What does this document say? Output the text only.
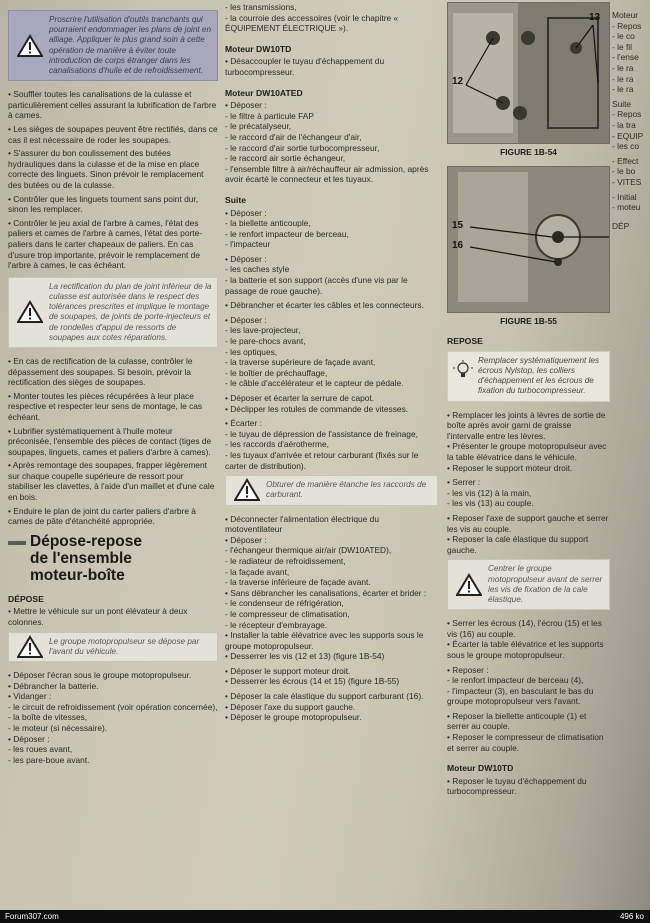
Proscrire l'utilisation d'outils tranchants qui pourraient endommager les plans de joint en alliage. Appliquer le plus grand soin à cette opération de manière à éviter toute introduction de corps étranger dans les canalisations d'huile et de refroidissement.
• Souffler toutes les canalisations de la culasse et particulièrement celles assurant la lubrification de l'arbre à cames.
• Les sièges de soupapes peuvent être rectifiés, dans ce cas il est nécessaire de roder les soupapes.
• S'assurer du bon coulissement des butées hydrauliques dans la culasse et de la mise en place correcte des linguets. Sinon prévoir le remplacement des butées ou de la culasse.
• Contrôler que les linguets tournent sans point dur, sinon les remplacer.
• Contrôler le jeu axial de l'arbre à cames, l'état des paliers et cames de l'arbre à cames, l'état des porte-paliers dans le carter chapeaux de paliers. En cas d'usure trop importante, prévoir le remplacement de l'arbre à cames, le cas échéant.
La rectification du plan de joint inférieur de la culasse est autorisée dans le respect des tolérances prescrites et implique le montage de soupapes, de joints de porte-injecteurs et de rondelles d'appui de ressorts de soupapes aux cotes réparations.
• En cas de rectification de la culasse, contrôler le dépassement des soupapes. Si besoin, prévoir la rectification des sièges de soupapes.
• Monter toutes les pièces récupérées à leur place respective et respecter leur sens de montage, le cas échéant.
• Lubrifier systématiquement à l'huile moteur préconisée, l'ensemble des pièces de contact (tiges de soupapes, linguets, cames et paliers d'arbre à cames).
• Après remontage des soupapes, frapper légèrement sur chaque coupelle supérieure de ressort pour stabiliser les clavettes, à l'aide d'un maillet et d'une cale en bois.
• Enduire le plan de joint du carter paliers d'arbre à cames de pâte d'étanchéité appropriée.
Dépose-repose
de l'ensemble
moteur-boîte
DÉPOSE

• Mettre le véhicule sur un pont élévateur à deux colonnes.

Le groupe motopropulseur se dépose par l'avant du véhicule.
• Déposer l'écran sous le groupe motopropulseur.
• Débrancher la batterie.
• Vidanger :
- le circuit de refroidissement (voir opération concernée),
- la boîte de vitesses,
- le moteur (si nécessaire).
• Déposer :
- les roues avant,
- les pare-boue avant.
- les transmissions,
- la courroie des accessoires (voir le chapitre « ÉQUIPEMENT ÉLECTRIQUE »).
Moteur DW10TD

• Désaccoupler le tuyau d'échappement du turbocompresseur.

Moteur DW10ATED
• Déposer :
- le filtre à particule FAP
- le précatalyseur,
- le raccord d'air de l'échangeur d'air,
- le raccord d'air sortie turbocompresseur,
- le raccord air sortie échangeur,
- l'ensemble filtre à air/réchauffeur air admission, après avoir écarté le connecteur et les tuyaux.
Suite
• Déposer :
- la biellette anticouple,
- le renfort impacteur de berceau,
- l'impacteur
• Déposer :
- les caches style
- la batterie et son support (accès d'une vis par le passage de roue gauche).
• Débrancher et écarter les câbles et les connecteurs.
• Déposer :
- les lave-projecteur,
- le pare-chocs avant,
- les optiques,
- la traverse supérieure de façade avant,
- le boîtier de préchauffage,
- le câble d'accélérateur et le capteur de pédale.
• Déposer et écarter la serrure de capot.
• Déclipper les rotules de commande de vitesses.
• Écarter :
- le tuyau de dépression de l'assistance de freinage,
- les raccords d'aérotherme,
- les tuyaux d'arrivée et retour carburant (fixés sur le carter de distribution).
Obturer de manière étanche les raccords de carburant.
• Déconnecter l'alimentation électrique du motoventilateur
• Déposer :
- l'échangeur thermique air/air (DW10ATED),
- le radiateur de refroidissement,
- la façade avant,
- la traverse inférieure de façade avant.
• Sans débrancher les canalisations, écarter et brider :
- le condenseur de réfrigération,
- le compresseur de climatisation,
- le récepteur d'embrayage.
• Installer la table élévatrice avec les supports sous le groupe motopropulseur.
• Desserrer les vis (12 et 13) (figure 1B-54)
• Déposer le support moteur droit.
• Desserrer les écrous (14 et 15) (figure 1B-55)
• Déposer la cale élastique du support carburant (16).
• Déposer l'axe du support gauche.
• Déposer le groupe motopropulseur.
12
13
FIGURE 1B-54
15
16
FIGURE 1B-55
REPOSE
Remplacer systématiquement les écrous Nylstop, les colliers d'échappement et les écrous de fixation du turbocompresseur.
• Remplacer les joints à lèvres de sortie de boîte après avoir garni de graisse l'intervalle entre les lèvres.
• Présenter le groupe motopropulseur avec la table élévatrice dans le véhicule.
• Reposer le support moteur droit.
• Serrer :
- les vis (12) à la main,
- les vis (13) au couple.
• Reposer l'axe de support gauche et serrer les vis au couple.
• Reposer la cale élastique du support gauche.
Centrer le groupe motopropulseur avant de serrer les vis de fixation de la cale élastique.
• Serrer les écrous (14), l'écrou (15) et les vis (16) au couple.
• Écarter la table élévatrice et les supports sous le groupe motopropulseur.
• Reposer :
- le renfort impacteur de berceau (4),
- l'impacteur (3), en basculant le bas du groupe motopropulseur vers l'avant.
• Reposer la biellette anticouple (1) et serrer au couple.
• Reposer le compresseur de climatisation et serrer au couple.
Moteur DW10TD

• Reposer le tuyau d'échappement du turbocompresseur.

Moteur
- Repos
- le co
- le fil
- l'ense
- le ra
- le ra
- le ra
Suite
- Repos
- la tra
- EQUIP
- les co
- Effect
- le bo
- VITES
- Initial
- moteu
DÉP
Forum307.com	496 ko
